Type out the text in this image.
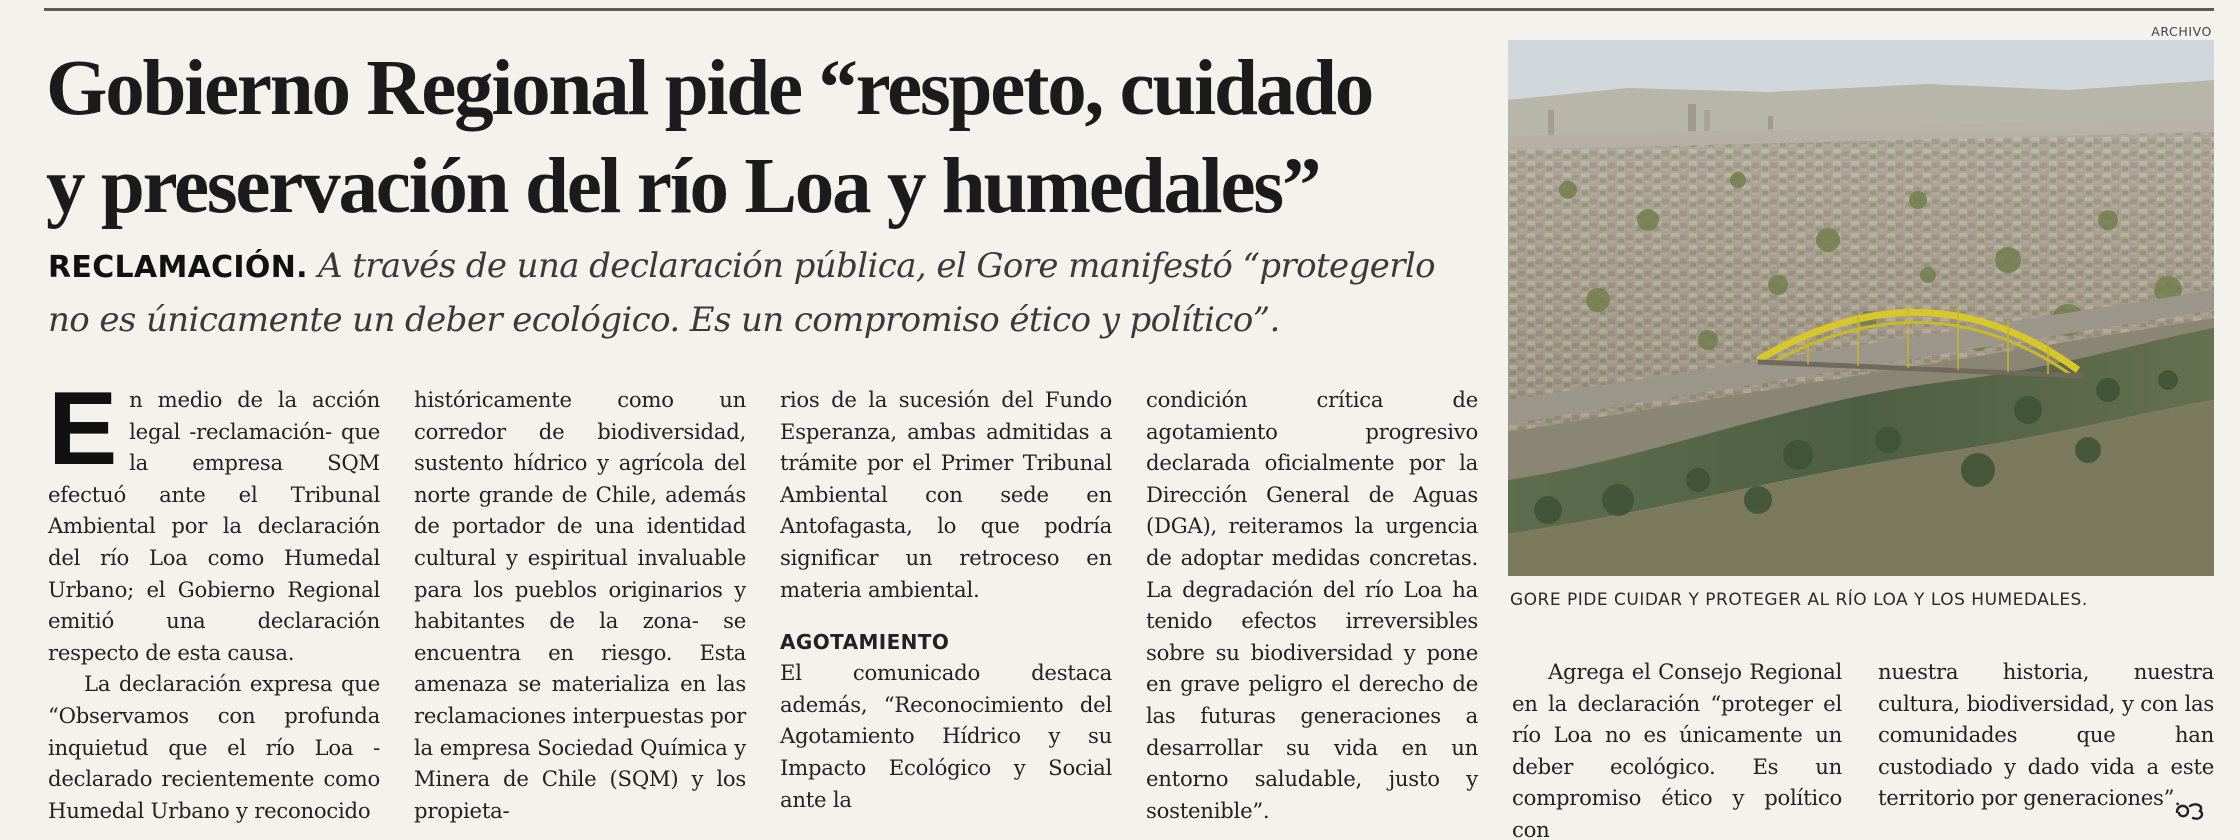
Gobierno Regional pide “respeto, cuidado
y preservación del río Loa y humedales”
RECLAMACIÓN. A través de una declaración pública, el Gore manifestó “protegerlo no es únicamente un deber ecológico. Es un compromiso ético y político”.
E n medio de la acción legal -reclamación- que la empresa SQM efectuó ante el Tribunal Ambiental por la declaración del río Loa como Humedal Urbano; el Gobierno Regional emitió una declaración respecto de esta causa.

La declaración expresa que “Observamos con profunda inquietud que el río Loa -declarado recientemente como Humedal Urbano y reconocido

históricamente como un corredor de biodiversidad, sustento hídrico y agrícola del norte grande de Chile, además de portador de una identidad cultural y espiritual invaluable para los pueblos originarios y habitantes de la zona- se encuentra en riesgo. Esta amenaza se materializa en las reclamaciones interpuestas por la empresa Sociedad Química y Minera de Chile (SQM) y los propieta-

rios de la sucesión del Fundo Esperanza, ambas admitidas a trámite por el Primer Tribunal Ambiental con sede en Antofagasta, lo que podría significar un retroceso en materia ambiental.

AGOTAMIENTO

El comunicado destaca además, “Reconocimiento del Agotamiento Hídrico y su Impacto Ecológico y Social ante la

condición crítica de agotamiento progresivo declarada oficialmente por la Dirección General de Aguas (DGA), reiteramos la urgencia de adoptar medidas concretas. La degradación del río Loa ha tenido efectos irreversibles sobre su biodiversidad y pone en grave peligro el derecho de las futuras generaciones a desarrollar su vida en un entorno saludable, justo y sostenible”.

ARCHIVO
GORE PIDE CUIDAR Y PROTEGER AL RÍO LOA Y LOS HUMEDALES.

Agrega el Consejo Regional en la declaración “proteger el río Loa no es únicamente un deber ecológico. Es un compromiso ético y político con

nuestra historia, nuestra cultura, biodiversidad, y con las comunidades que han custodiado y dado vida a este territorio por generaciones”.
